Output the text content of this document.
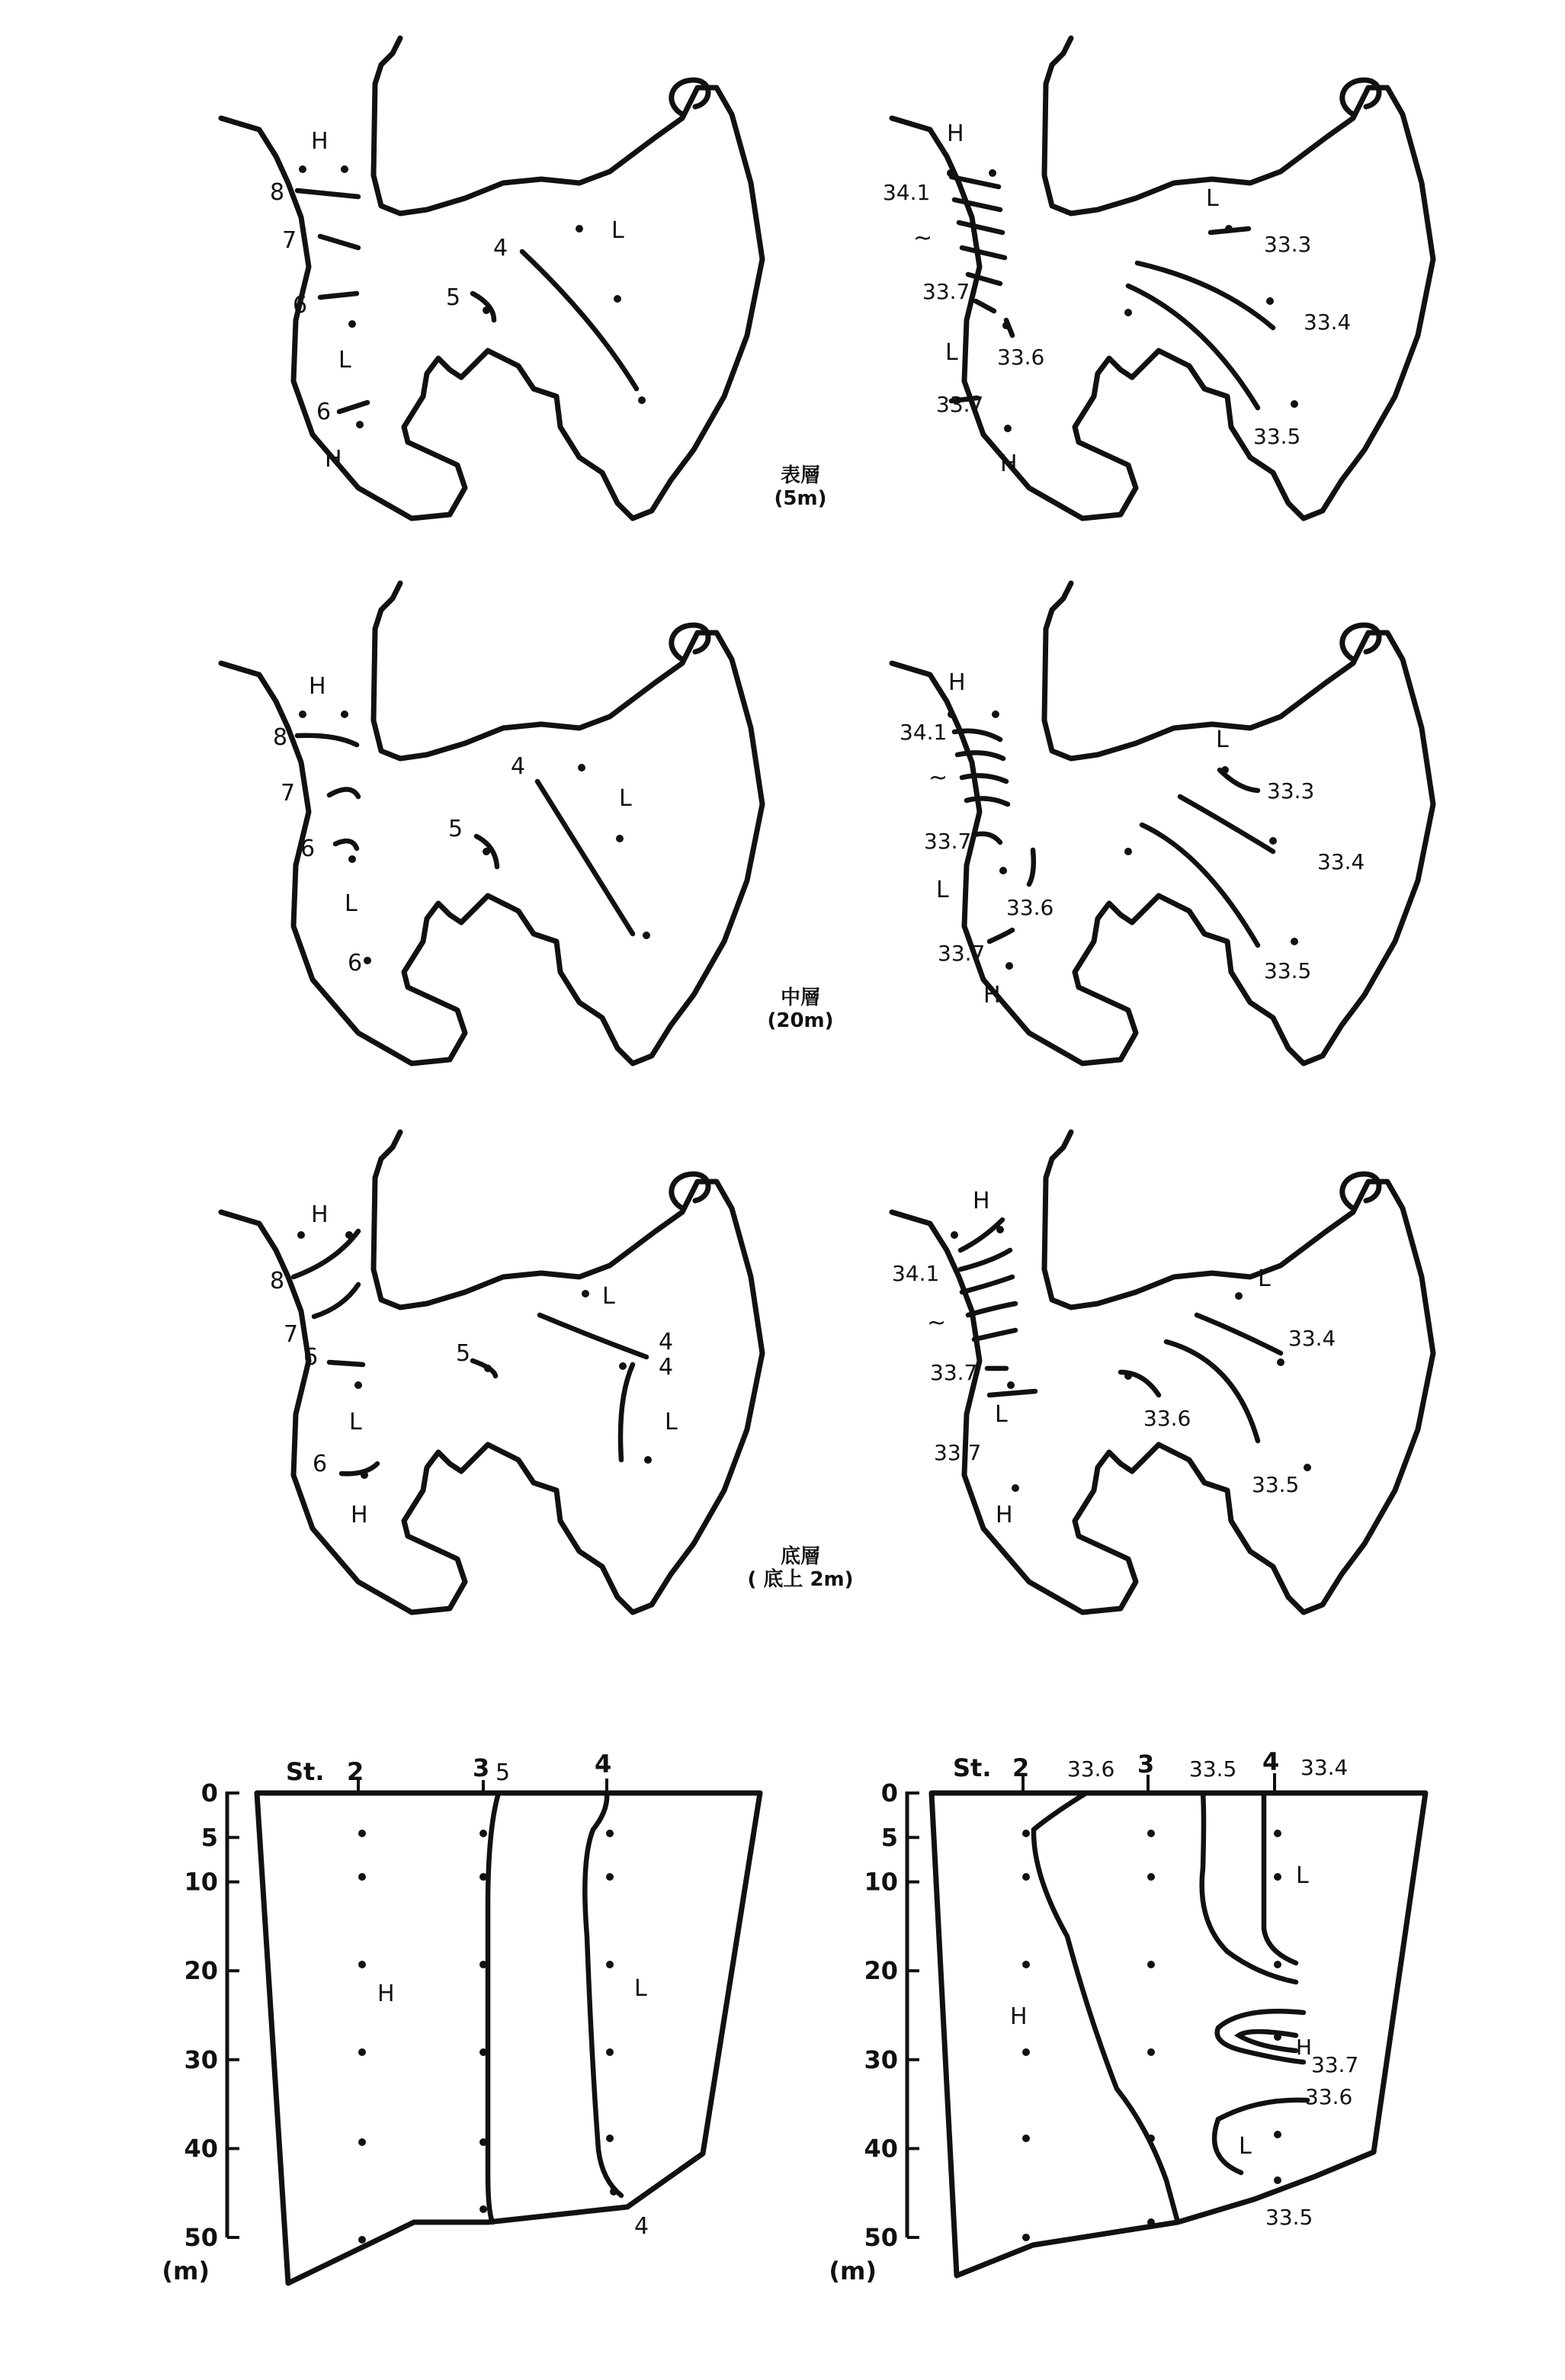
H
8
7
6
L
6
H
4
L
5
表層
(5m)
H
34.1
~
33.7
L 33.6
33.7
H
L
33.3
33.4
33.5
H
8
7
6
L
6
4
L
5
中層
(20m)
H
34.1
~
33.7
L
33.6
33.7
H
L
33.3
33.4
33.5
H
8
7
6
L
6
H
5
L
4
4
L
底層
( 底上 2m)
H
34.1
~
33.7
L
33.7
H
33.6
L
33.4
33.5
0
5
10
20
30
40
50
(m)
St. 2	3	4
5
H	L
4
0
5
10
20
30
40
50
(m)
St. 2	3	4
33.6	33.5	33.4
H
L
H
33.7
33.6
L
33.5
